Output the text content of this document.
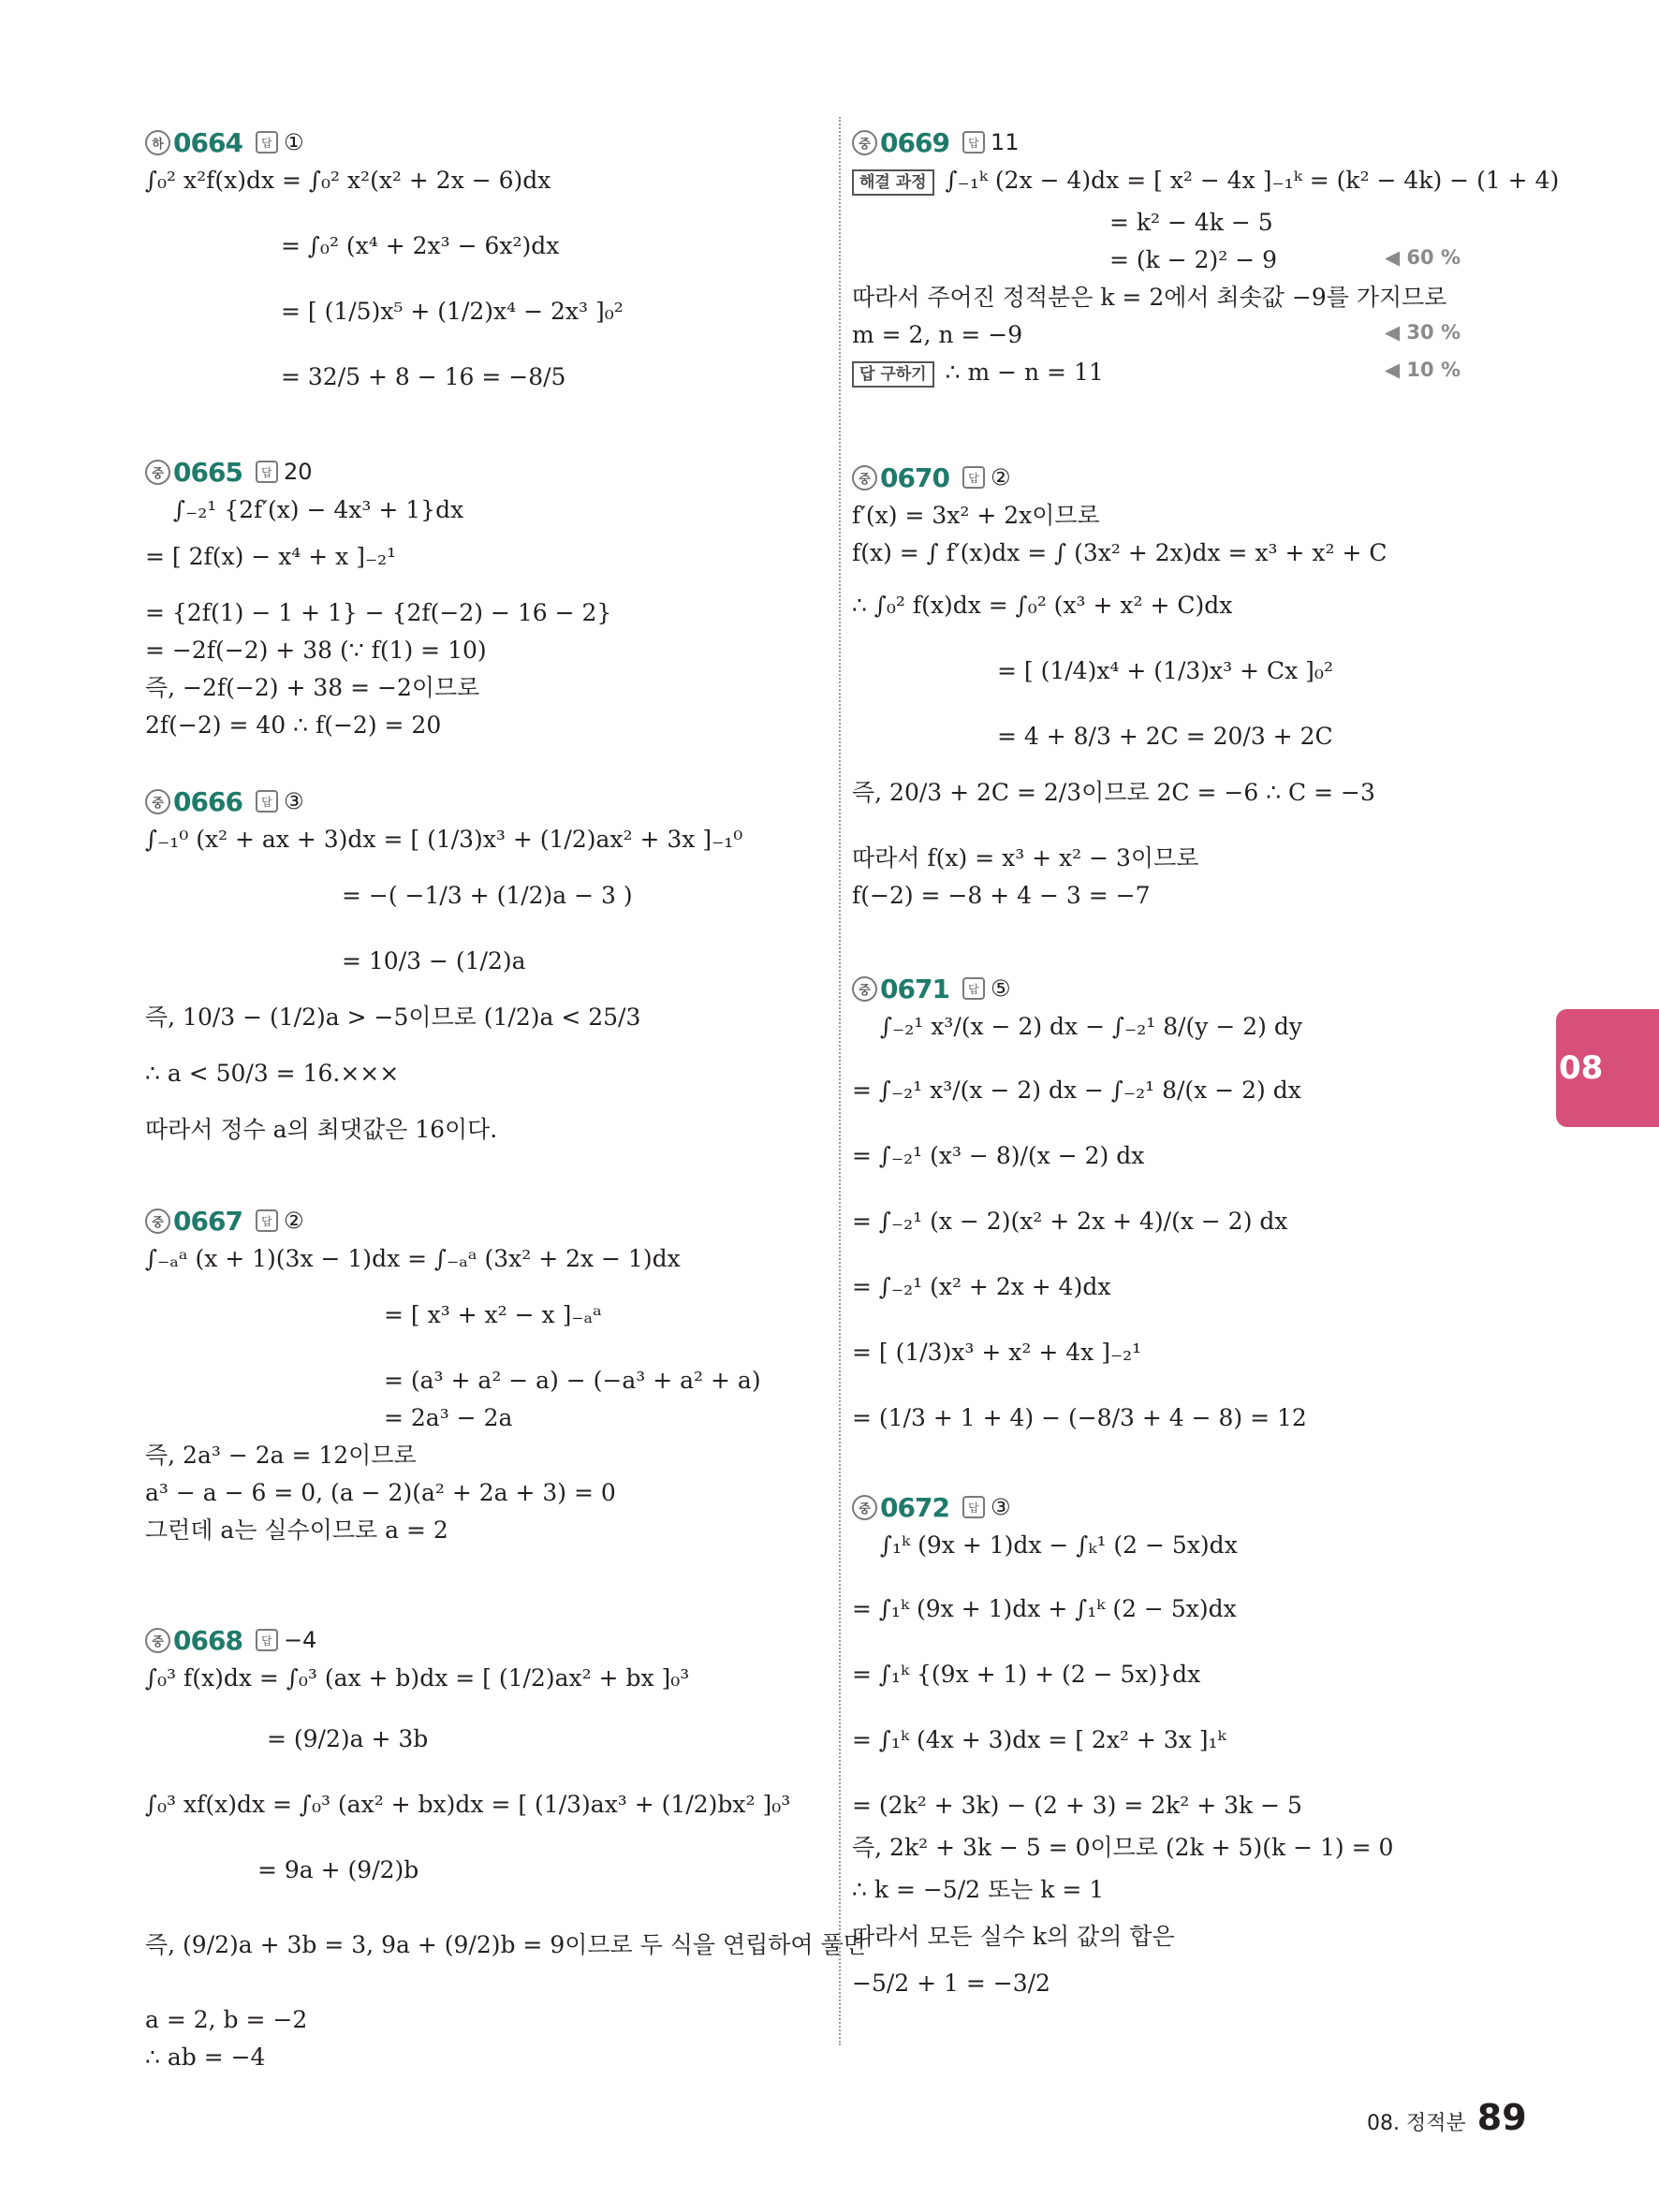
하 0664	답 ①
∫₀² x²f(x)dx = ∫₀² x²(x² + 2x − 6)dx
= ∫₀² (x⁴ + 2x³ − 6x²)dx
= [ (1/5)x⁵ + (1/2)x⁴ − 2x³ ]₀²
= 32/5 + 8 − 16 = −8/5
중 0665	답 20
∫₋₂¹ {2f′(x) − 4x³ + 1}dx
= [ 2f(x) − x⁴ + x ]₋₂¹
= {2f(1) − 1 + 1} − {2f(−2) − 16 − 2}
= −2f(−2) + 38 (∵ f(1) = 10)
즉, −2f(−2) + 38 = −2이므로
2f(−2) = 40 ∴ f(−2) = 20
중 0666	답 ③
∫₋₁⁰ (x² + ax + 3)dx = [ (1/3)x³ + (1/2)ax² + 3x ]₋₁⁰
= −( −1/3 + (1/2)a − 3 )
= 10/3 − (1/2)a
즉, 10/3 − (1/2)a > −5이므로 (1/2)a < 25/3
∴ a < 50/3 = 16.×××
따라서 정수 a의 최댓값은 16이다.
중 0667	답 ②
∫₋ₐᵃ (x + 1)(3x − 1)dx = ∫₋ₐᵃ (3x² + 2x − 1)dx
= [ x³ + x² − x ]₋ₐᵃ
= (a³ + a² − a) − (−a³ + a² + a)
= 2a³ − 2a
즉, 2a³ − 2a = 12이므로
a³ − a − 6 = 0, (a − 2)(a² + 2a + 3) = 0
그런데 a는 실수이므로 a = 2
중 0668	답 −4
∫₀³ f(x)dx = ∫₀³ (ax + b)dx = [ (1/2)ax² + bx ]₀³
= (9/2)a + 3b
∫₀³ xf(x)dx = ∫₀³ (ax² + bx)dx = [ (1/3)ax³ + (1/2)bx² ]₀³
= 9a + (9/2)b
즉, (9/2)a + 3b = 3, 9a + (9/2)b = 9이므로 두 식을 연립하여 풀면
a = 2, b = −2
∴ ab = −4
중 0669	답 11
해결 과정 ∫₋₁ᵏ (2x − 4)dx = [ x² − 4x ]₋₁ᵏ = (k² − 4k) − (1 + 4)
= k² − 4k − 5
= (k − 2)² − 9	◀ 60 %
따라서 주어진 정적분은 k = 2에서 최솟값 −9를 가지므로
m = 2, n = −9	◀ 30 %
답 구하기 ∴ m − n = 11	◀ 10 %
중 0670	답 ②
f′(x) = 3x² + 2x이므로
f(x) = ∫ f′(x)dx = ∫ (3x² + 2x)dx = x³ + x² + C
∴ ∫₀² f(x)dx = ∫₀² (x³ + x² + C)dx
= [ (1/4)x⁴ + (1/3)x³ + Cx ]₀²
= 4 + 8/3 + 2C = 20/3 + 2C
즉, 20/3 + 2C = 2/3이므로 2C = −6 ∴ C = −3
따라서 f(x) = x³ + x² − 3이므로
f(−2) = −8 + 4 − 3 = −7
중 0671	답 ⑤
∫₋₂¹ x³/(x − 2) dx − ∫₋₂¹ 8/(y − 2) dy
= ∫₋₂¹ x³/(x − 2) dx − ∫₋₂¹ 8/(x − 2) dx
= ∫₋₂¹ (x³ − 8)/(x − 2) dx
= ∫₋₂¹ (x − 2)(x² + 2x + 4)/(x − 2) dx
= ∫₋₂¹ (x² + 2x + 4)dx
= [ (1/3)x³ + x² + 4x ]₋₂¹
= (1/3 + 1 + 4) − (−8/3 + 4 − 8) = 12
중 0672	답 ③
∫₁ᵏ (9x + 1)dx − ∫ₖ¹ (2 − 5x)dx
= ∫₁ᵏ (9x + 1)dx + ∫₁ᵏ (2 − 5x)dx
= ∫₁ᵏ {(9x + 1) + (2 − 5x)}dx
= ∫₁ᵏ (4x + 3)dx = [ 2x² + 3x ]₁ᵏ
= (2k² + 3k) − (2 + 3) = 2k² + 3k − 5
즉, 2k² + 3k − 5 = 0이므로 (2k + 5)(k − 1) = 0
∴ k = −5/2 또는 k = 1
따라서 모든 실수 k의 값의 합은
−5/2 + 1 = −3/2
08
08. 정적분 89
